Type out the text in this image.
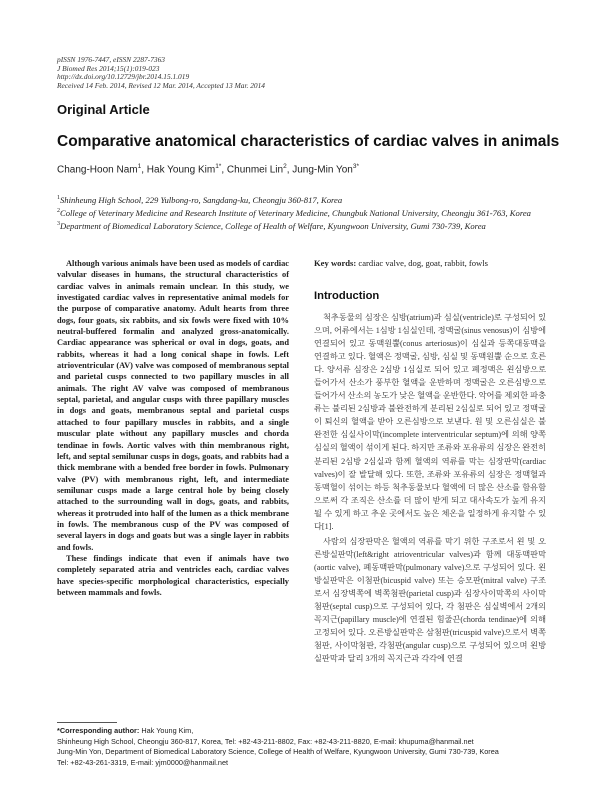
pISSN 1976-7447, eISSN 2287-7363
J Biomed Res 2014;15(1):019-023
http://dx.doi.org/10.12729/jbr.2014.15.1.019
Received 14 Feb. 2014, Revised 12 Mar. 2014, Accepted 13 Mar. 2014
Original Article
Comparative anatomical characteristics of cardiac valves in animals
Chang-Hoon Nam$^1$, Hak Young Kim$^{1*}$, Chunmei Lin$^2$, Jung-Min Yon$^{3*}$
$^1$Shinheung High School, 229 Yulbong-ro, Sangdang-ku, Cheongju 360-817, Korea
$^2$College of Veterinary Medicine and Research Institute of Veterinary Medicine, Chungbuk National University, Cheongju 361-763, Korea
$^3$Department of Biomedical Laboratory Science, College of Health of Welfare, Kyungwoon University, Gumi 730-739, Korea

Although various animals have been used as models of cardiac valvular diseases in humans, the structural characteristics of cardiac valves in animals remain unclear. In this study, we investigated cardiac valves in representative animal models for the purpose of comparative anatomy. Adult hearts from three dogs, four goats, six rabbits, and six fowls were fixed with 10% neutral-buffered formalin and analyzed gross-anatomically. Cardiac appearance was spherical or oval in dogs, goats, and rabbits, whereas it had a long conical shape in fowls. Left atrioventricular (AV) valve was composed of membranous septal and parietal cusps connected to two papillary muscles in all animals. The right AV valve was composed of membranous septal, parietal, and angular cusps with three papillary muscles in dogs and goats, membranous septal and parietal cusps attached to four papillary muscles in rabbits, and a single muscular plate without any papillary muscles and chorda tendinae in fowls. Aortic valves with thin membranous right, left, and septal semilunar cusps in dogs, goats, and rabbits had a thick membrane with a bended free border in fowls. Pulmonary valve (PV) with membranous right, left, and intermediate semilunar cusps made a large central hole by being closely attached to the surrounding wall in dogs, goats, and rabbits, whereas it protruded into half of the lumen as a thick membrane in fowls. The membranous cusp of the PV was composed of several layers in dogs and goats but was a single layer in rabbits and fowls.

These findings indicate that even if animals have two completely separated atria and ventricles each, cardiac valves have species-specific morphological characteristics, especially between mammals and fowls.

Key words: cardiac valve, dog, goat, rabbit, fowls

Introduction

척추동물의 심장은 심방(atrium)과 심실(ventricle)로 구성되어 있으며, 어류에서는 1심방 1심실인데, 정맥굴(sinus venosus)이 심방에 연결되어 있고 동맥원뿔(conus arteriosus)이 심실과 등쪽대동맥을 연결하고 있다. 혈액은 정맥굴, 심방, 심실 및 동맥원뿔 순으로 흐른다. 양서류 심장은 2심방 1심실로 되어 있고 폐정맥은 왼심방으로 들어가서 산소가 풍부한 혈액을 운반하며 정맥굴은 오른심방으로 들어가서 산소의 농도가 낮은 혈액을 운반한다. 악어를 제외한 파충류는 불리된 2심방과 불완전하게 분리된 2심실로 되어 있고 정맥굴이 퇴신의 혈액을 받아 오른심방으로 보낸다. 원 및 오른심실은 불완전한 심실사이막(incomplete interventricular septum)에 의해 양쪽 심실의 혈액이 섞이게 된다. 하지만 조류와 포유류의 심장은 완전히 분리된 2심방 2심실과 함께 혈액의 역류를 막는 심장판막(cardiac valves)이 잘 발달해 있다. 또한, 조류와 포유류의 심장은 정맥혈과 동맥혈이 섞이는 하등 척추동물보다 혈액에 더 많은 산소를 함유함으로써 각 조직은 산소를 더 많이 받게 되고 대사속도가 높게 유지될 수 있게 하고 추운 곳에서도 높은 체온을 일정하게 유지할 수 있다[1].

사람의 심장판막은 혈액의 역류를 막기 위한 구조로서 왼 및 오른방실판막(left&right atrioventricular valves)과 함께 대동맥판막(aortic valve), 폐동맥판막(pulmonary valve)으로 구성되어 있다. 왼방실판막은 이첨판(bicuspid valve) 또는 승모판(mitral valve) 구조로서 심장벽쪽에 벽쪽첨판(parietal cusp)과 심장사이막쪽의 사이막첨판(septal cusp)으로 구성되어 있다, 각 첨판은 심실벽에서 2개의 꼭지근(papillary muscle)에 연결된 힘줄끈(chorda tendinae)에 의해 고정되어 있다. 오른방실판막은 삼첨판(tricuspid valve)으로서 벽쪽첨판, 사이막첨판, 각첨판(angular cusp)으로 구성되어 있으며 왼방실판막과 달리 3개의 꼭지근과 각각에 연결

*Corresponding author: Hak Young Kim,
Shinheung High School, Cheongju 360-817, Korea, Tel: +82-43-211-8802, Fax: +82-43-211-8820, E-mail: khupuma@hanmail.net
Jung-Min Yon, Department of Biomedical Laboratory Science, College of Health of Welfare, Kyungwoon University, Gumi 730-739, Korea
Tel: +82-43-261-3319, E-mail: yjm0000@hanmail.net
